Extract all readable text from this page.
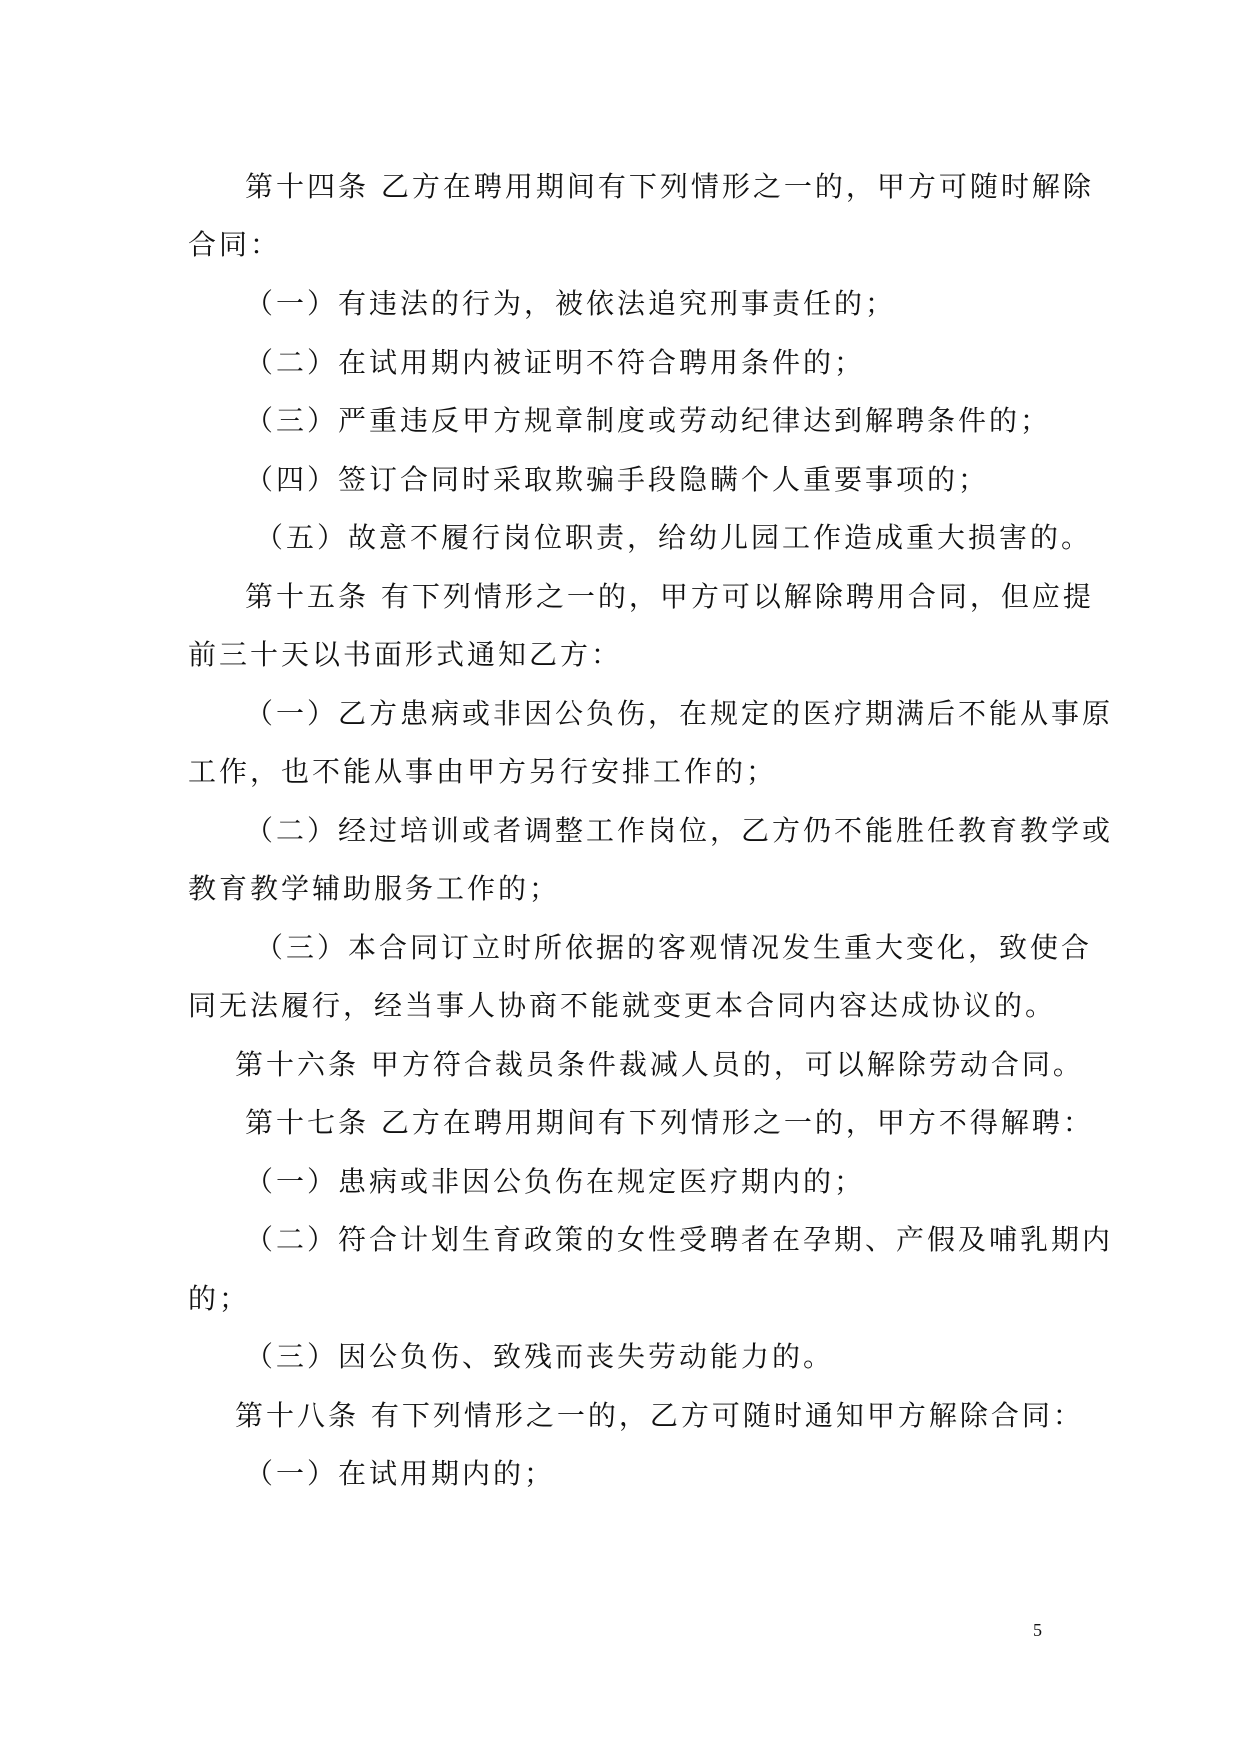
第十四条 乙方在聘用期间有下列情形之一的，甲方可随时解除
合同：
（一）有违法的行为，被依法追究刑事责任的；
（二）在试用期内被证明不符合聘用条件的；
（三）严重违反甲方规章制度或劳动纪律达到解聘条件的；
（四）签订合同时采取欺骗手段隐瞒个人重要事项的；
（五）故意不履行岗位职责，给幼儿园工作造成重大损害的。
第十五条 有下列情形之一的，甲方可以解除聘用合同，但应提
前三十天以书面形式通知乙方：
（一）乙方患病或非因公负伤，在规定的医疗期满后不能从事原
工作，也不能从事由甲方另行安排工作的；
（二）经过培训或者调整工作岗位，乙方仍不能胜任教育教学或
教育教学辅助服务工作的；
（三）本合同订立时所依据的客观情况发生重大变化，致使合
同无法履行，经当事人协商不能就变更本合同内容达成协议的。
第十六条 甲方符合裁员条件裁减人员的，可以解除劳动合同。
第十七条 乙方在聘用期间有下列情形之一的，甲方不得解聘：
（一）患病或非因公负伤在规定医疗期内的；
（二）符合计划生育政策的女性受聘者在孕期、产假及哺乳期内
的；
（三）因公负伤、致残而丧失劳动能力的。
第十八条 有下列情形之一的，乙方可随时通知甲方解除合同：
（一）在试用期内的；
5
